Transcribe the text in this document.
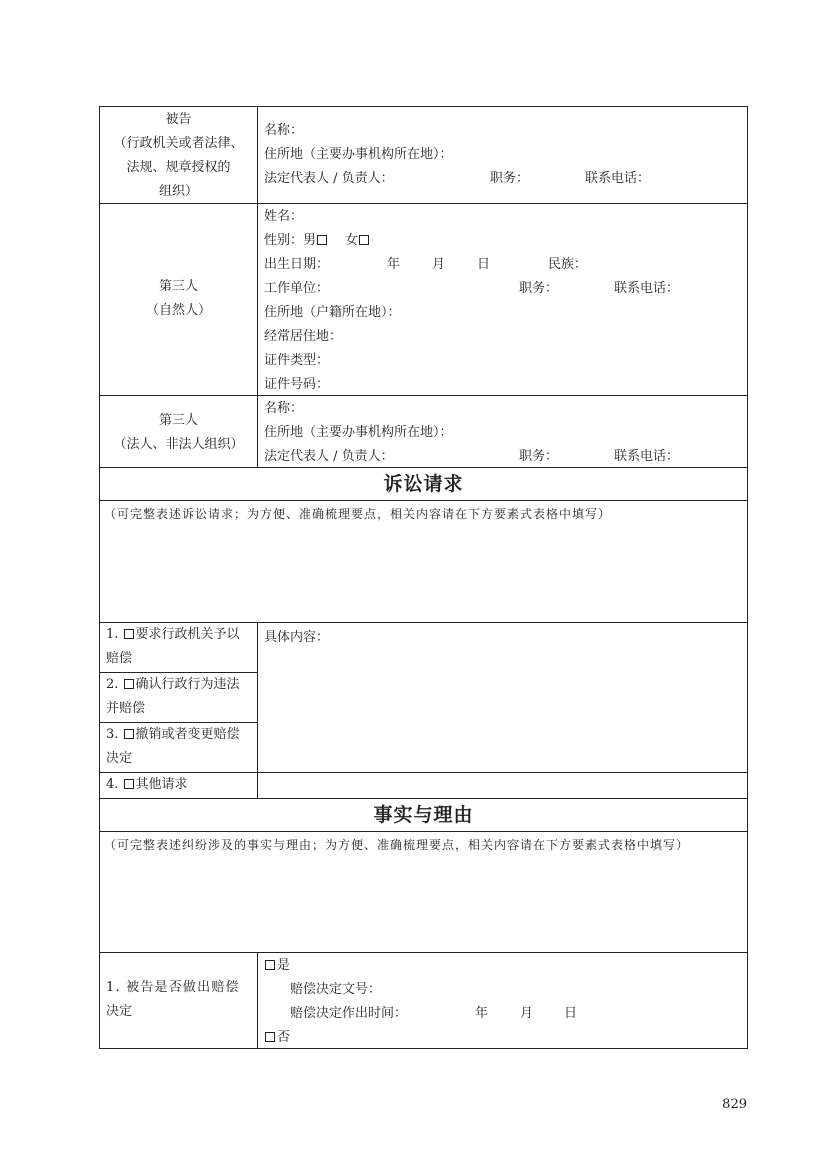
被告
（行政机关或者法律、
法规、规章授权的
组织）
名称：
住所地（主要办事机构所在地）：
法定代表人 / 负责人：	职务：	联系电话：
第三人
（自然人）
姓名：
性别：男 女
出生日期：	年 月 日	民族：
工作单位：	职务：	联系电话：
住所地（户籍所在地）：
经常居住地：
证件类型：
证件号码：
第三人
（法人、非法人组织）
名称：
住所地（主要办事机构所在地）：
法定代表人 / 负责人：	职务：	联系电话：
诉讼请求
（可完整表述诉讼请求；为方便、准确梳理要点，相关内容请在下方要素式表格中填写）
1. 要求行政机关予以
赔偿
2. 确认行政行为违法
并赔偿
3. 撤销或者变更赔偿
决定
4. 其他请求
具体内容：
事实与理由
（可完整表述纠纷涉及的事实与理由；为方便、准确梳理要点，相关内容请在下方要素式表格中填写）
1. 被告是否做出赔偿
决定
是
赔偿决定文号：
赔偿决定作出时间：	年 月 日
否
829
